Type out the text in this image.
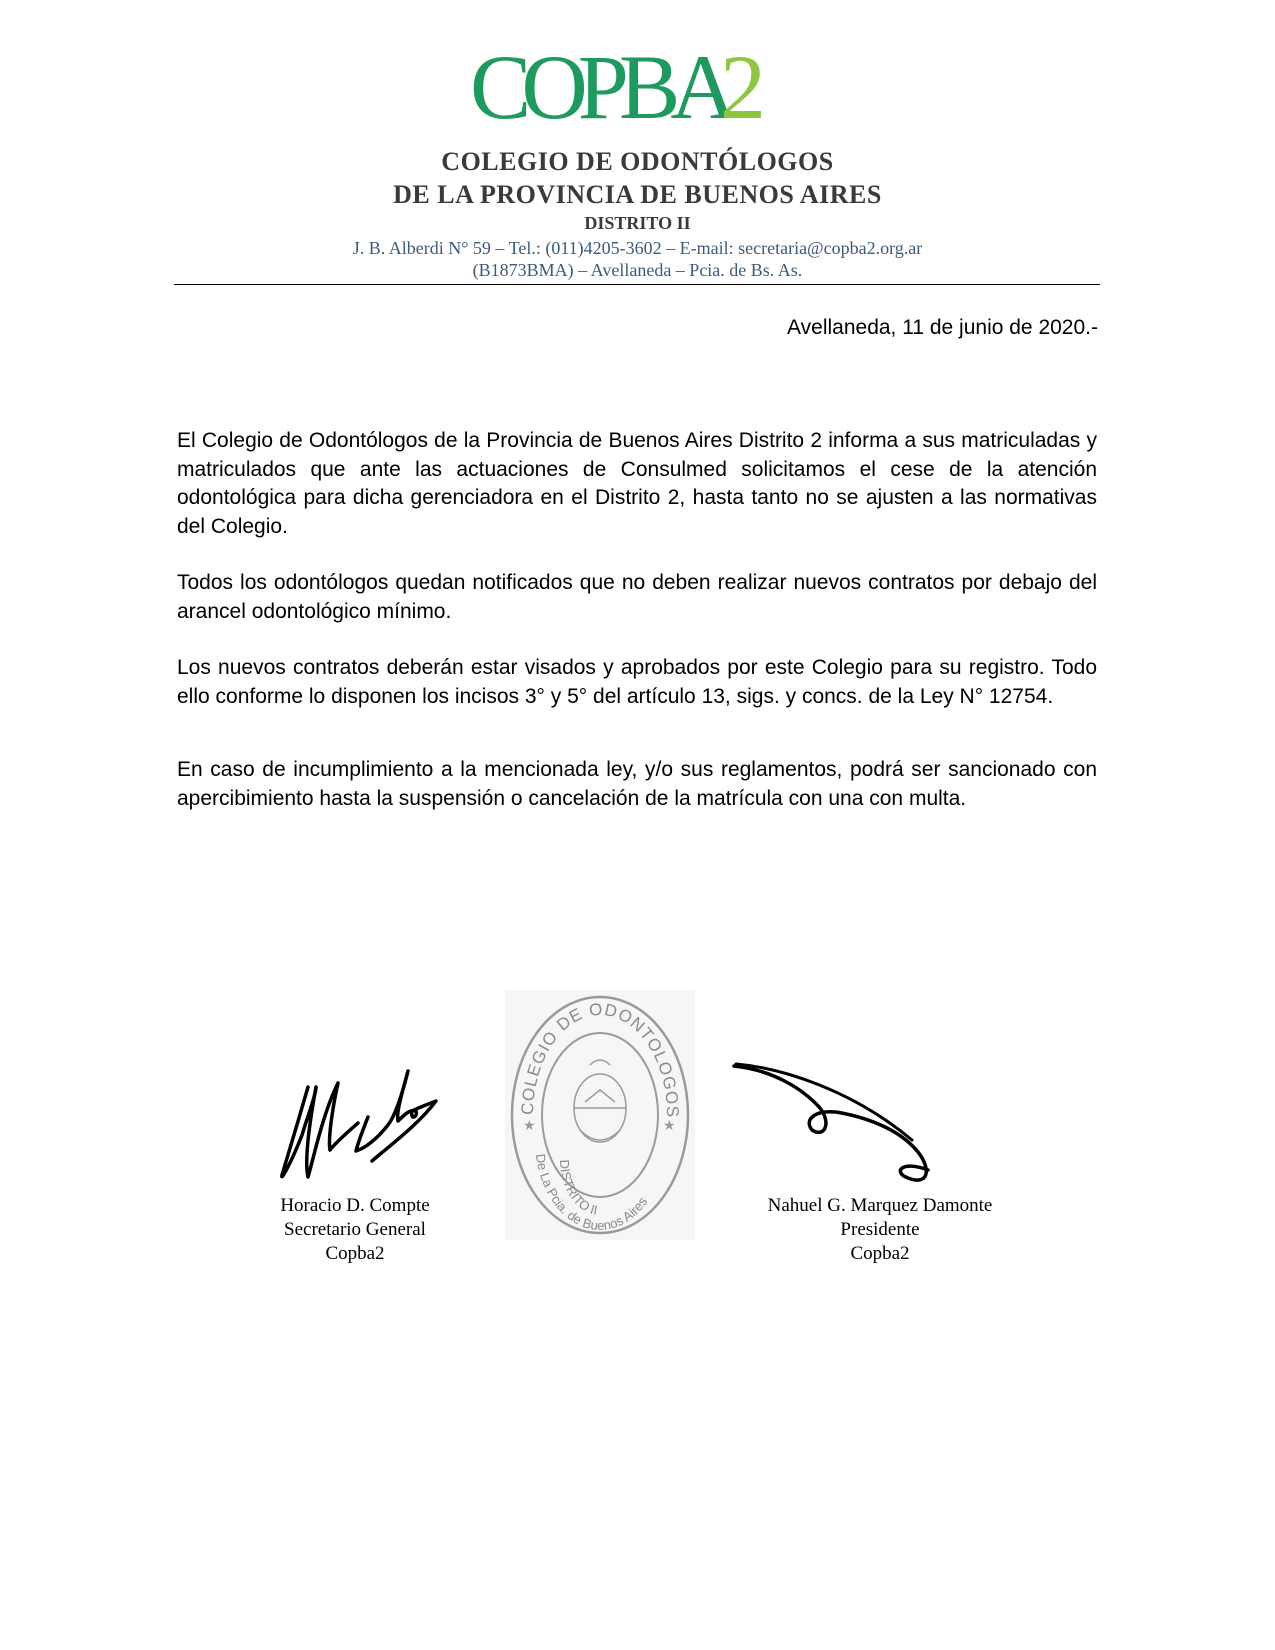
COPBA
2
COLEGIO DE ODONTÓLOGOS
DE LA PROVINCIA DE BUENOS AIRES
DISTRITO II
J. B. Alberdi N° 59 – Tel.: (011)4205-3602 – E-mail: secretaria@copba2.org.ar
(B1873BMA) – Avellaneda – Pcia. de Bs. As.
Avellaneda, 11 de junio de 2020.-

El Colegio de Odontólogos de la Provincia de Buenos Aires Distrito 2 informa a sus matriculadas y matriculados que ante las actuaciones de Consulmed solicitamos el cese de la atención odontológica para dicha gerenciadora en el Distrito 2, hasta tanto no se ajusten a las normativas del Colegio.

Todos los odontólogos quedan notificados que no deben realizar nuevos contratos por debajo del arancel odontológico mínimo.

Los nuevos contratos deberán estar visados y aprobados por este Colegio para su registro. Todo ello conforme lo disponen los incisos 3° y 5° del artículo 13, sigs. y concs. de la Ley N° 12754.

En caso de incumplimiento a la mencionada ley, y/o sus reglamentos, podrá ser sancionado con apercibimiento hasta la suspensión o cancelación de la matrícula con una con multa.

COLEGIO DE ODONTOLOGOS
DISTRITO II
De La Pcia. de Buenos Aires
★	★
Horacio D. Compte
Secretario General
Copba2
Nahuel G. Marquez Damonte
Presidente
Copba2
